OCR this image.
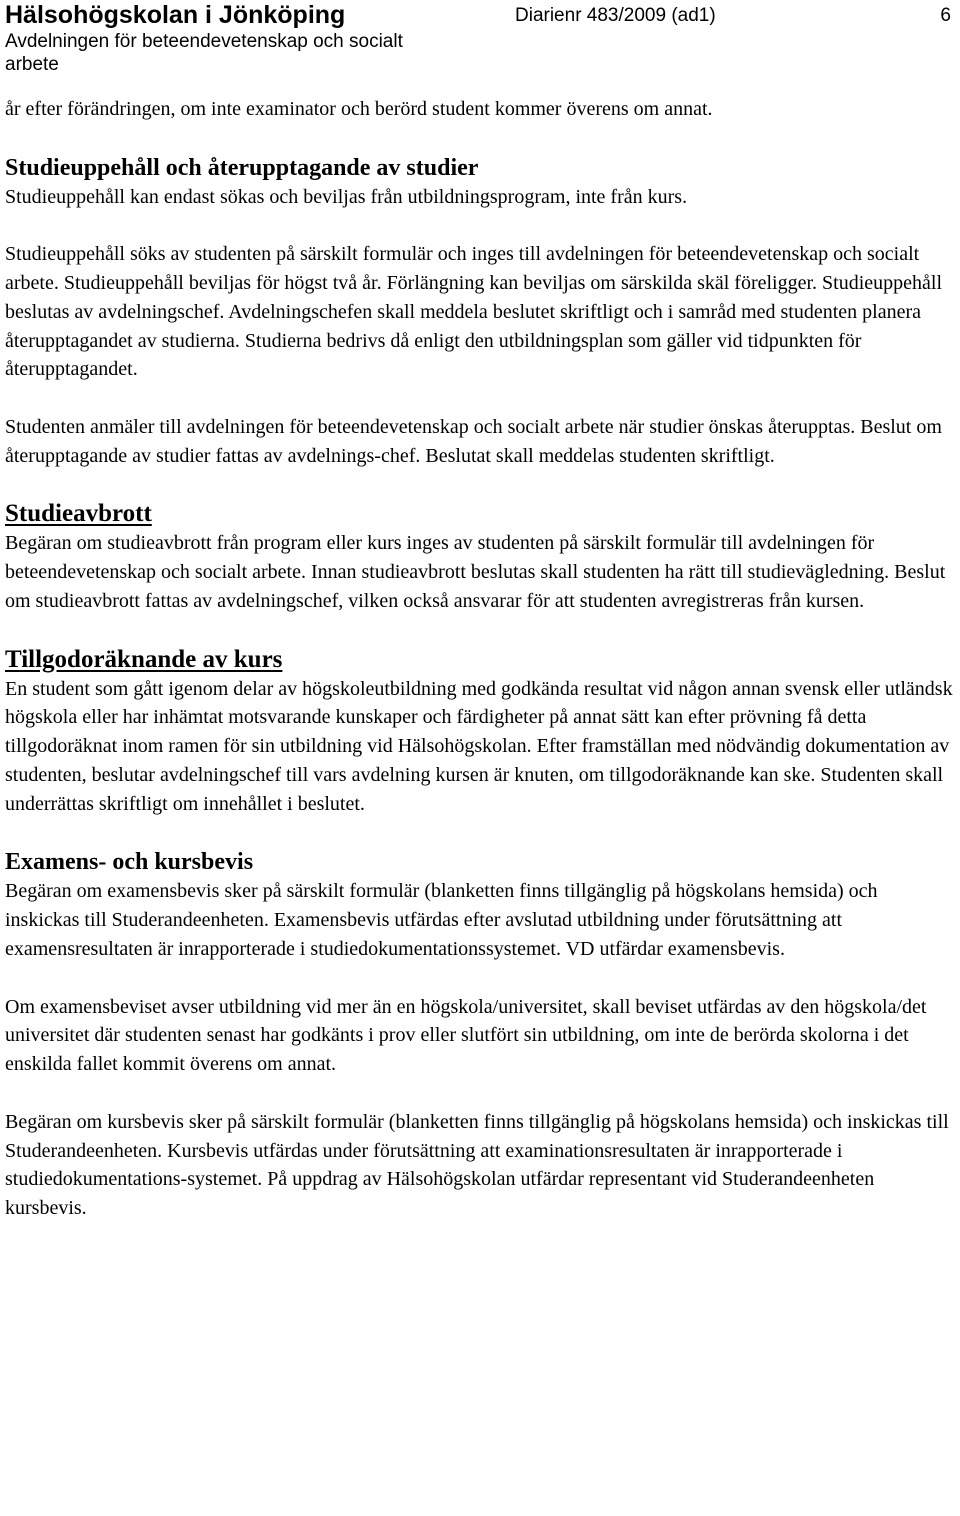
Hälsohögskolan i Jönköping
Avdelningen för beteendevetenskap och socialt arbete
Diarienr 483/2009 (ad1)	6

år efter förändringen, om inte examinator och berörd student kommer överens om annat.

Studieuppehåll och återupptagande av studier

Studieuppehåll kan endast sökas och beviljas från utbildningsprogram, inte från kurs.

Studieuppehåll söks av studenten på särskilt formulär och inges till avdelningen för beteendevetenskap och socialt arbete. Studieuppehåll beviljas för högst två år. Förlängning kan beviljas om särskilda skäl föreligger. Studieuppehåll beslutas av avdelningschef. Avdelningschefen skall meddela beslutet skriftligt och i samråd med studenten planera återupptagandet av studierna. Studierna bedrivs då enligt den utbildningsplan som gäller vid tidpunkten för återupptagandet.

Studenten anmäler till avdelningen för beteendevetenskap och socialt arbete när studier önskas återupptas. Beslut om återupptagande av studier fattas av avdelnings-chef. Beslutat skall meddelas studenten skriftligt.

Studieavbrott

Begäran om studieavbrott från program eller kurs inges av studenten på särskilt formulär till avdelningen för beteendevetenskap och socialt arbete. Innan studieavbrott beslutas skall studenten ha rätt till studievägledning. Beslut om studieavbrott fattas av avdelningschef, vilken också ansvarar för att studenten avregistreras från kursen.

Tillgodoräknande av kurs

En student som gått igenom delar av högskoleutbildning med godkända resultat vid någon annan svensk eller utländsk högskola eller har inhämtat motsvarande kunskaper och färdigheter på annat sätt kan efter prövning få detta tillgodoräknat inom ramen för sin utbildning vid Hälsohögskolan. Efter framställan med nödvändig dokumentation av studenten, beslutar avdelningschef till vars avdelning kursen är knuten, om tillgodoräknande kan ske. Studenten skall underrättas skriftligt om innehållet i beslutet.

Examens- och kursbevis

Begäran om examensbevis sker på särskilt formulär (blanketten finns tillgänglig på högskolans hemsida) och inskickas till Studerandeenheten. Examensbevis utfärdas efter avslutad utbildning under förutsättning att examensresultaten är inrapporterade i studiedokumentationssystemet. VD utfärdar examensbevis.

Om examensbeviset avser utbildning vid mer än en högskola/universitet, skall beviset utfärdas av den högskola/det universitet där studenten senast har godkänts i prov eller slutfört sin utbildning, om inte de berörda skolorna i det enskilda fallet kommit överens om annat.

Begäran om kursbevis sker på särskilt formulär (blanketten finns tillgänglig på högskolans hemsida) och inskickas till Studerandeenheten. Kursbevis utfärdas under förutsättning att examinationsresultaten är inrapporterade i studiedokumentations-systemet. På uppdrag av Hälsohögskolan utfärdar representant vid Studerandeenheten kursbevis.
